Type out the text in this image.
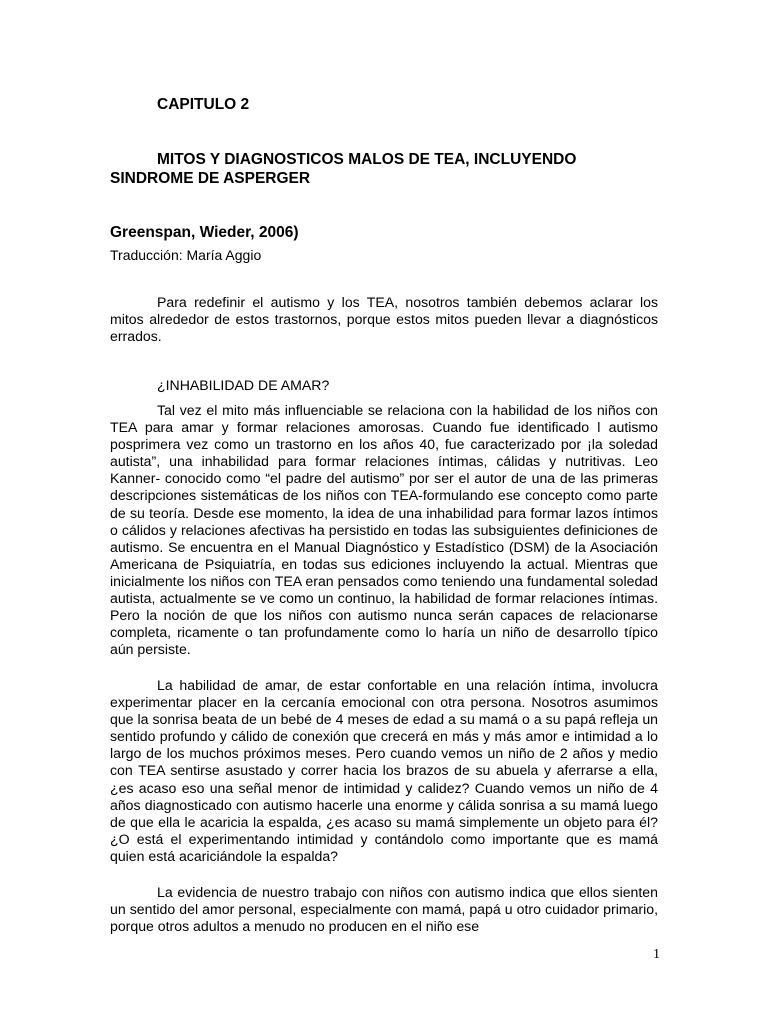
CAPITULO 2

MITOS Y DIAGNOSTICOS MALOS DE TEA, INCLUYENDO SINDROME DE ASPERGER

Greenspan, Wieder, 2006)

Traducción: María Aggio

Para redefinir el autismo y los TEA, nosotros también debemos aclarar los mitos alrededor de estos trastornos, porque estos mitos pueden llevar a diagnósticos errados.

¿INHABILIDAD DE AMAR?

Tal vez el mito más influenciable se relaciona con la habilidad de los niños con TEA para amar y formar relaciones amorosas. Cuando fue identificado l autismo posprimera vez como un trastorno en los años 40, fue caracterizado por ¡la soledad autista”, una inhabilidad para formar relaciones íntimas, cálidas y nutritivas. Leo Kanner- conocido como “el padre del autismo” por ser el autor de una de las primeras descripciones sistemáticas de los niños con TEA-formulando ese concepto como parte de su teoría. Desde ese momento, la idea de una inhabilidad para formar lazos íntimos o cálidos y relaciones afectivas ha persistido en todas las subsiguientes definiciones de autismo. Se encuentra en el Manual Diagnóstico y Estadístico (DSM) de la Asociación Americana de Psiquiatría, en todas sus ediciones incluyendo la actual. Mientras que inicialmente los niños con TEA eran pensados como teniendo una fundamental soledad autista, actualmente se ve como un continuo, la habilidad de formar relaciones íntimas. Pero la noción de que los niños con autismo nunca serán capaces de relacionarse completa, ricamente o tan profundamente como lo haría un niño de desarrollo típico aún persiste.

La habilidad de amar, de estar confortable en una relación íntima, involucra experimentar placer en la cercanía emocional con otra persona. Nosotros asumimos que la sonrisa beata de un bebé de 4 meses de edad a su mamá o a su papá refleja un sentido profundo y cálido de conexión que crecerá en más y más amor e intimidad a lo largo de los muchos próximos meses. Pero cuando vemos un niño de 2 años y medio con TEA sentirse asustado y correr hacia los brazos de su abuela y aferrarse a ella, ¿es acaso eso una señal menor de intimidad y calidez? Cuando vemos un niño de 4 años diagnosticado con autismo hacerle una enorme y cálida sonrisa a su mamá luego de que ella le acaricia la espalda, ¿es acaso su mamá simplemente un objeto para él? ¿O está el experimentando intimidad y contándolo como importante que es mamá quien está acariciándole la espalda?

La evidencia de nuestro trabajo con niños con autismo indica que ellos sienten un sentido del amor personal, especialmente con mamá, papá u otro cuidador primario, porque otros adultos a menudo no producen en el niño ese

1
